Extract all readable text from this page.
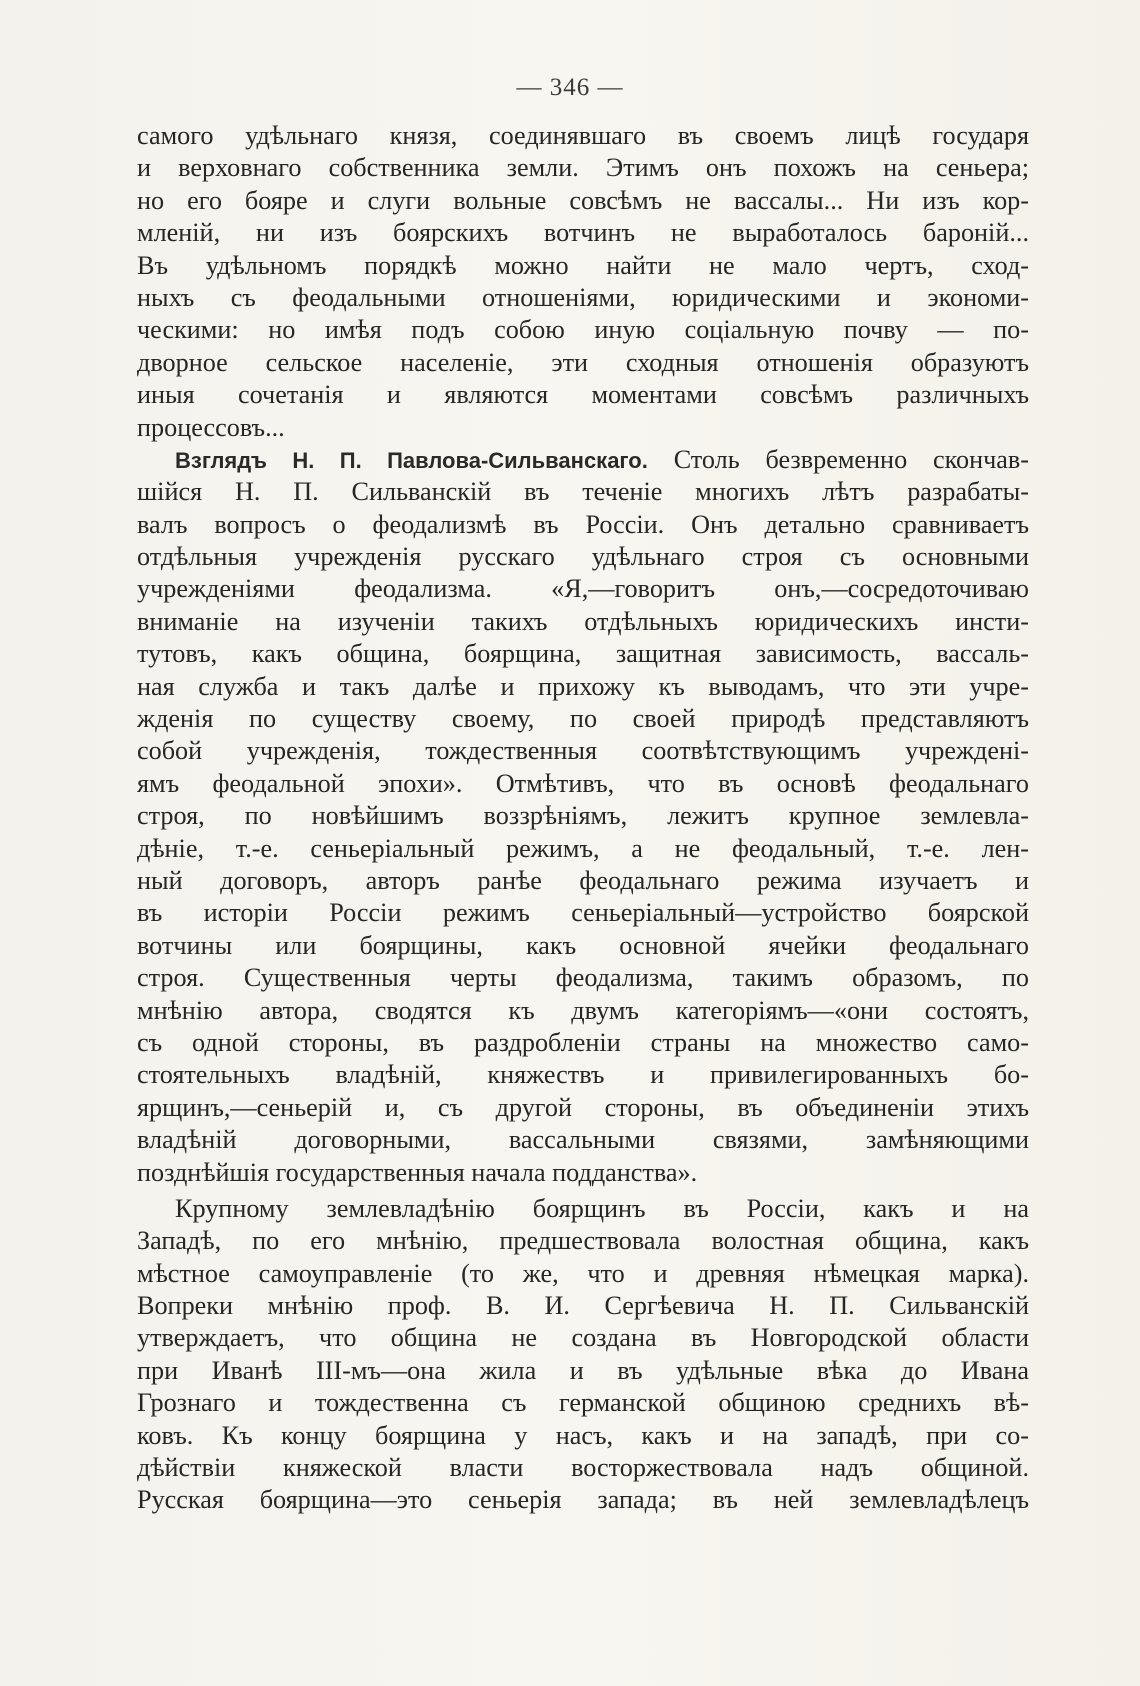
— 346 —
самого удѣльнаго князя, соединявшаго въ своемъ лицѣ государя
и верховнаго собственника земли. Этимъ онъ похожъ на сеньера;
но его бояре и слуги вольные совсѣмъ не вассалы... Ни изъ кор-
мленій, ни изъ боярскихъ вотчинъ не выработалось бароній...
Въ удѣльномъ порядкѣ можно найти не мало чертъ, сход-
ныхъ съ феодальными отношеніями, юридическими и экономи-
ческими: но имѣя подъ собою иную соціальную почву — по-
дворное сельское населеніе, эти сходныя отношенія образуютъ
иныя сочетанія и являются моментами совсѣмъ различныхъ
процессовъ...
Взглядъ Н. П. Павлова-Сильванскаго. Столь безвременно скончав-
шійся Н. П. Сильванскій въ теченіе многихъ лѣтъ разрабаты-
валъ вопросъ о феодализмѣ въ Россіи. Онъ детально сравниваетъ
отдѣльныя учрежденія русскаго удѣльнаго строя съ основными
учрежденіями феодализма. «Я,—говоритъ онъ,—сосредоточиваю
вниманіе на изученіи такихъ отдѣльныхъ юридическихъ инсти-
тутовъ, какъ община, боярщина, защитная зависимость, вассаль-
ная служба и такъ далѣе и прихожу къ выводамъ, что эти учре-
жденія по существу своему, по своей природѣ представляютъ
собой учрежденія, тождественныя соотвѣтствующимъ учреждені-
ямъ феодальной эпохи». Отмѣтивъ, что въ основѣ феодальнаго
строя, по новѣйшимъ воззрѣніямъ, лежитъ крупное землевла-
дѣніе, т.-е. сеньеріальный режимъ, а не феодальный, т.-е. лен-
ный договоръ, авторъ ранѣе феодальнаго режима изучаетъ и
въ исторіи Россіи режимъ сеньеріальный—устройство боярской
вотчины или боярщины, какъ основной ячейки феодальнаго
строя. Существенныя черты феодализма, такимъ образомъ, по
мнѣнію автора, сводятся къ двумъ категоріямъ—«они состоятъ,
съ одной стороны, въ раздробленіи страны на множество само-
стоятельныхъ владѣній, княжествъ и привилегированныхъ бо-
ярщинъ,—сеньерій и, съ другой стороны, въ объединеніи этихъ
владѣній договорными, вассальными связями, замѣняющими
позднѣйшія государственныя начала подданства».
Крупному землевладѣнію боярщинъ въ Россіи, какъ и на
Западѣ, по его мнѣнію, предшествовала волостная община, какъ
мѣстное самоуправленіе (то же, что и древняя нѣмецкая марка).
Вопреки мнѣнію проф. В. И. Сергѣевича Н. П. Сильванскій
утверждаетъ, что община не создана въ Новгородской области
при Иванѣ III-мъ—она жила и въ удѣльные вѣка до Ивана
Грознаго и тождественна съ германской общиною среднихъ вѣ-
ковъ. Къ концу боярщина у насъ, какъ и на западѣ, при со-
дѣйствіи княжеской власти восторжествовала надъ общиной.
Русская боярщина—это сеньерія запада; въ ней землевладѣлецъ
